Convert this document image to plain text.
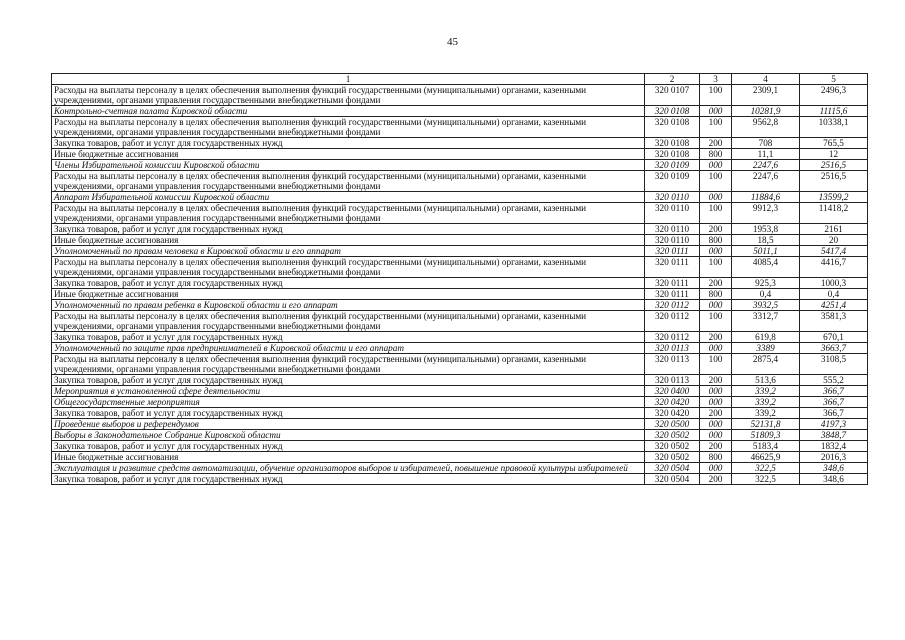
45
1	2	3	4	5
Расходы на выплаты персоналу в целях обеспечения выполнения функций государственными (муниципальными) органами, казенными учреждениями, органами управления государственными внебюджетными фондами	320 0107	100	2309,1	2496,3
Контрольно-счетная палата Кировской области	320 0108	000	10281,9	11115,6
Расходы на выплаты персоналу в целях обеспечения выполнения функций государственными (муниципальными) органами, казенными учреждениями, органами управления государственными внебюджетными фондами	320 0108	100	9562,8	10338,1
Закупка товаров, работ и услуг для государственных нужд	320 0108	200	708	765,5
Иные бюджетные ассигнования	320 0108	800	11,1	12
Члены Избирательной комиссии Кировской области	320 0109	000	2247,6	2516,5
Расходы на выплаты персоналу в целях обеспечения выполнения функций государственными (муниципальными) органами, казенными учреждениями, органами управления государственными внебюджетными фондами	320 0109	100	2247,6	2516,5
Аппарат Избирательной комиссии Кировской области	320 0110	000	11884,6	13599,2
Расходы на выплаты персоналу в целях обеспечения выполнения функций государственными (муниципальными) органами, казенными учреждениями, органами управления государственными внебюджетными фондами	320 0110	100	9912,3	11418,2
Закупка товаров, работ и услуг для государственных нужд	320 0110	200	1953,8	2161
Иные бюджетные ассигнования	320 0110	800	18,5	20
Уполномоченный по правам человека в Кировской области и его аппарат	320 0111	000	5011,1	5417,4
Расходы на выплаты персоналу в целях обеспечения выполнения функций государственными (муниципальными) органами, казенными учреждениями, органами управления государственными внебюджетными фондами	320 0111	100	4085,4	4416,7
Закупка товаров, работ и услуг для государственных нужд	320 0111	200	925,3	1000,3
Иные бюджетные ассигнования	320 0111	800	0,4	0,4
Уполномоченный по правам ребенка в Кировской области и его аппарат	320 0112	000	3932,5	4251,4
Расходы на выплаты персоналу в целях обеспечения выполнения функций государственными (муниципальными) органами, казенными учреждениями, органами управления государственными внебюджетными фондами	320 0112	100	3312,7	3581,3
Закупка товаров, работ и услуг для государственных нужд	320 0112	200	619,8	670,1
Уполномоченный по защите прав предпринимателей в Кировской области и его аппарат	320 0113	000	3389	3663,7
Расходы на выплаты персоналу в целях обеспечения выполнения функций государственными (муниципальными) органами, казенными учреждениями, органами управления государственными внебюджетными фондами	320 0113	100	2875,4	3108,5
Закупка товаров, работ и услуг для государственных нужд	320 0113	200	513,6	555,2
Мероприятия в установленной сфере деятельности	320 0400	000	339,2	366,7
Общегосударственные мероприятия	320 0420	000	339,2	366,7
Закупка товаров, работ и услуг для государственных нужд	320 0420	200	339,2	366,7
Проведение выборов и референдумов	320 0500	000	52131,8	4197,3
Выборы в Законодательное Собрание Кировской области	320 0502	000	51809,3	3848,7
Закупка товаров, работ и услуг для государственных нужд	320 0502	200	5183,4	1832,4
Иные бюджетные ассигнования	320 0502	800	46625,9	2016,3
Эксплуатация и развитие средств автоматизации, обучение организаторов выборов и избирателей, повышение правовой культуры избирателей	320 0504	000	322,5	348,6
Закупка товаров, работ и услуг для государственных нужд	320 0504	200	322,5	348,6
